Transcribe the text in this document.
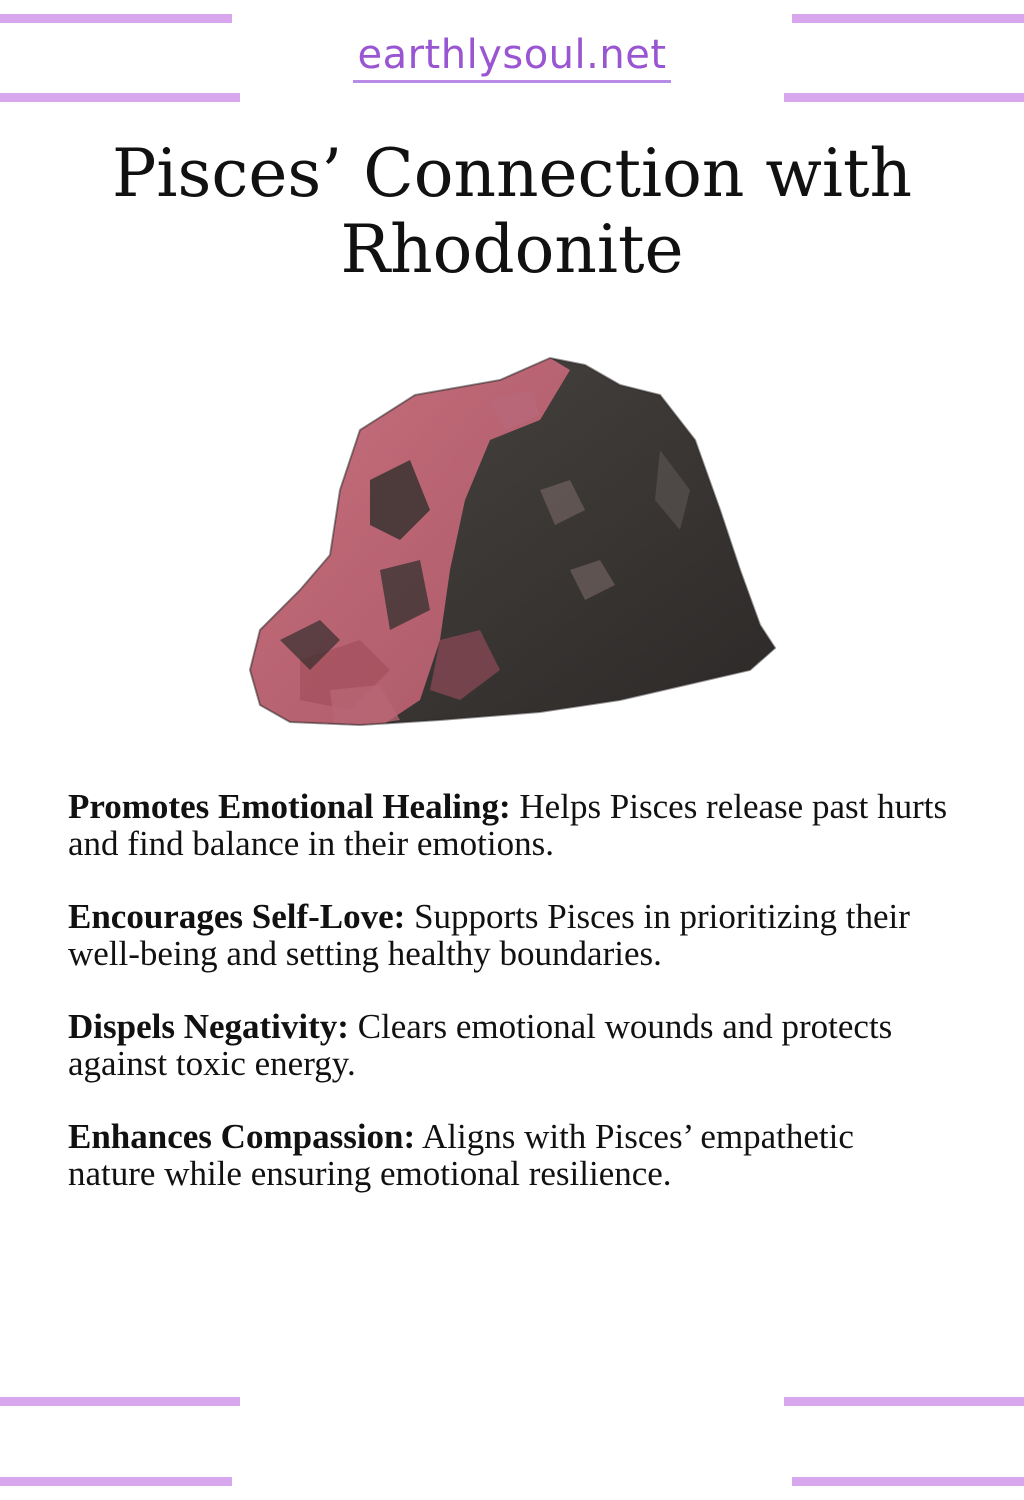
earthlysoul.net
Pisces’ Connection with Rhodonite

Promotes Emotional Healing: Helps Pisces release past hurts and find balance in their emotions.

Encourages Self-Love: Supports Pisces in prioritizing their well-being and setting healthy boundaries.

Dispels Negativity: Clears emotional wounds and protects against toxic energy.

Enhances Compassion: Aligns with Pisces’ empathetic nature while ensuring emotional resilience.
